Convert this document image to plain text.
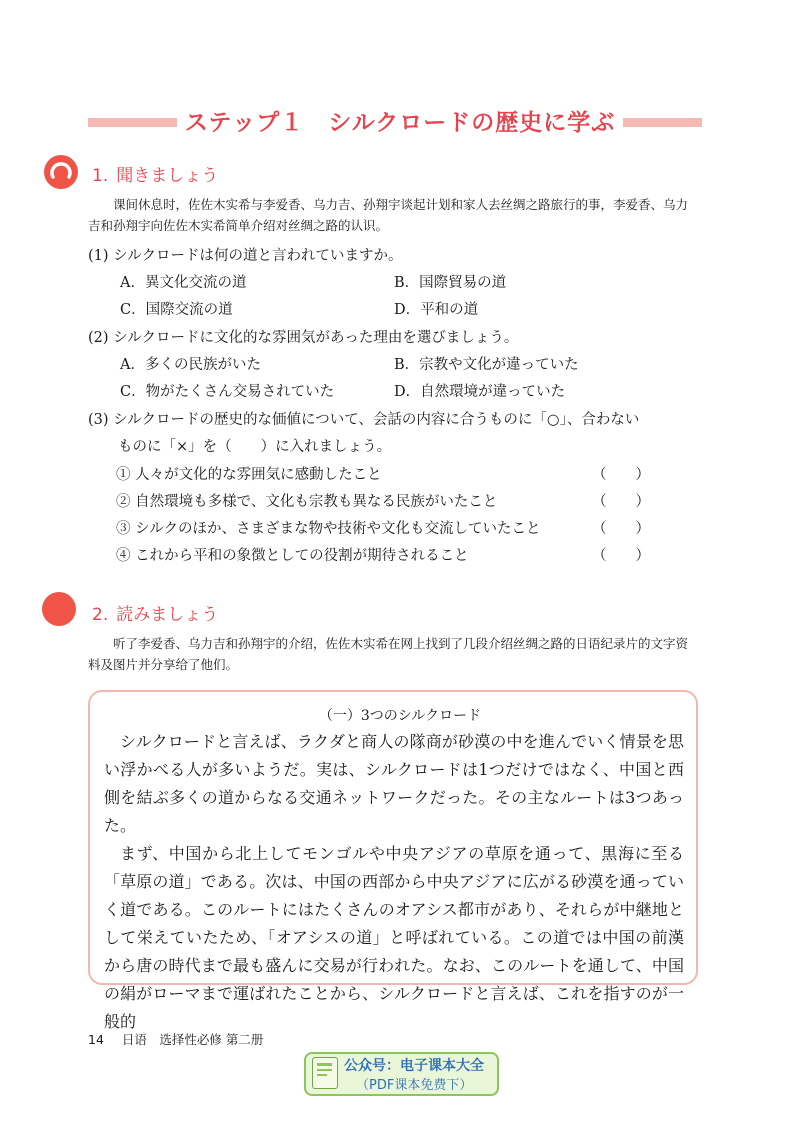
ステップ１　シルクロードの歴史に学ぶ
1. 聞きましょう
课间休息时，佐佐木实希与李爱香、乌力吉、孙翔宇谈起计划和家人去丝绸之路旅行的事，李爱香、乌力吉和孙翔宇向佐佐木实希简单介绍对丝绸之路的认识。
(1) シルクロードは何の道と言われていますか。
A．異文化交流の道	B．国際貿易の道
C．国際交流の道	D．平和の道
(2) シルクロードに文化的な雰囲気があった理由を選びましょう。
A．多くの民族がいた	B．宗教や文化が違っていた
C．物がたくさん交易されていた	D．自然環境が違っていた
(3) シルクロードの歴史的な価値について、会話の内容に合うものに「○」、合わない
ものに「×」を（　　）に入れましょう。
① 人々が文化的な雰囲気に感動したこと	（　　）
② 自然環境も多様で、文化も宗教も異なる民族がいたこと	（　　）
③ シルクのほか、さまざまな物や技術や文化も交流していたこと	（　　）
④ これから平和の象徴としての役割が期待されること	（　　）
2. 読みましょう
听了李爱香、乌力吉和孙翔宇的介绍，佐佐木实希在网上找到了几段介绍丝绸之路的日语纪录片的文字资料及图片并分享给了他们。
（一）3つのシルクロード

シルクロードと言えば、ラクダと商人の隊商が砂漠の中を進んでいく情景を思い浮かべる人が多いようだ。実は、シルクロードは1つだけではなく、中国と西側を結ぶ多くの道からなる交通ネットワークだった。その主なルートは3つあった。

まず、中国から北上してモンゴルや中央アジアの草原を通って、黒海に至る「草原の道」である。次は、中国の西部から中央アジアに広がる砂漠を通っていく道である。このルートにはたくさんのオアシス都市があり、それらが中継地として栄えていたため、「オアシスの道」と呼ばれている。この道では中国の前漢から唐の時代まで最も盛んに交易が行われた。なお、このルートを通して、中国の絹がローマまで運ばれたことから、シルクロードと言えば、これを指すのが一般的

14 日语　选择性必修 第二册
公众号：电子课本大全
（PDF课本免费下）
